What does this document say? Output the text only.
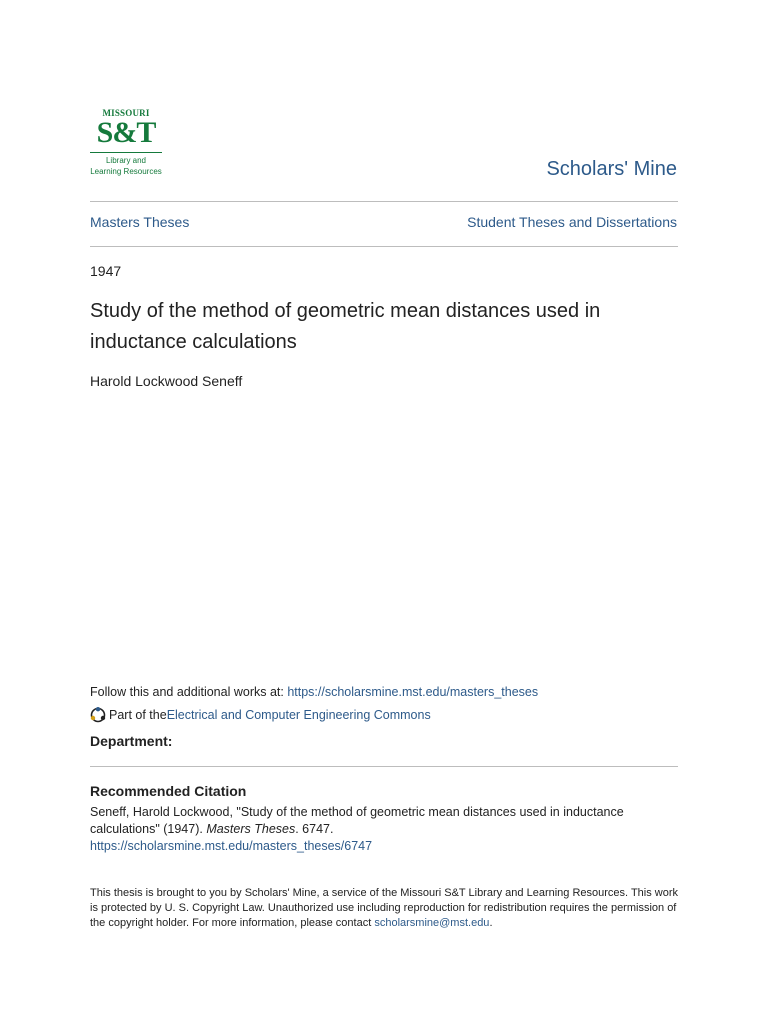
MISSOURI
S&T
Library and
Learning Resources	Scholars' Mine
Masters Theses	Student Theses and Dissertations
1947
Study of the method of geometric mean distances used in inductance calculations
Harold Lockwood Seneff
Follow this and additional works at: https://scholarsmine.mst.edu/masters_theses
Part of the Electrical and Computer Engineering Commons
Department:
Recommended Citation
Seneff, Harold Lockwood, "Study of the method of geometric mean distances used in inductance calculations" (1947). Masters Theses. 6747.
https://scholarsmine.mst.edu/masters_theses/6747
This thesis is brought to you by Scholars' Mine, a service of the Missouri S&T Library and Learning Resources. This work is protected by U. S. Copyright Law. Unauthorized use including reproduction for redistribution requires the permission of the copyright holder. For more information, please contact scholarsmine@mst.edu.
